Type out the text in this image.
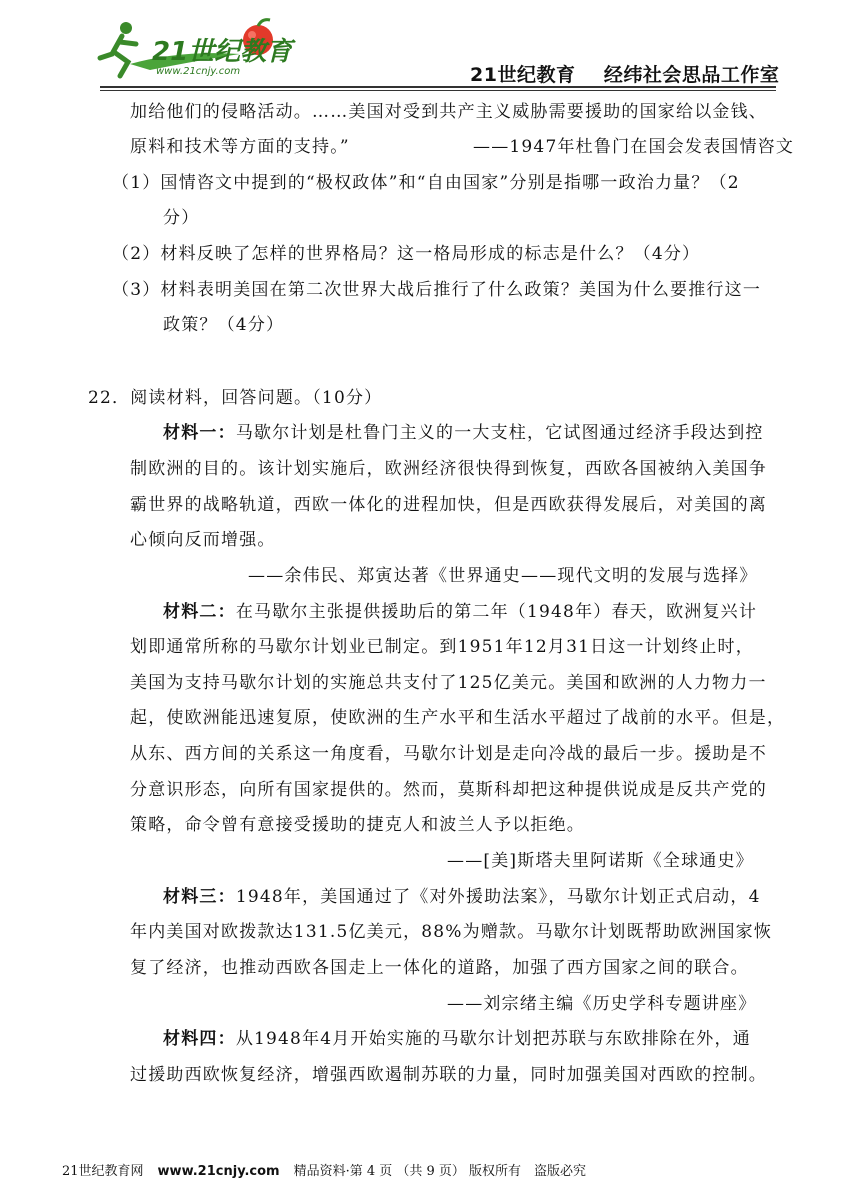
21世纪教育
www.21cnjy.com	21世纪教育    经纬社会思品工作室
加给他们的侵略活动。……美国对受到共产主义威胁需要援助的国家给以金钱、
原料和技术等方面的支持。”	——1947年杜鲁门在国会发表国情咨文
（1）国情咨文中提到的“极权政体”和“自由国家”分别是指哪一政治力量？（2
分）
（2）材料反映了怎样的世界格局？这一格局形成的标志是什么？（4分）
（3）材料表明美国在第二次世界大战后推行了什么政策？美国为什么要推行这一
政策？（4分）
22．阅读材料，回答问题。（10分）
材料一：马歇尔计划是杜鲁门主义的一大支柱，它试图通过经济手段达到控
制欧洲的目的。该计划实施后，欧洲经济很快得到恢复，西欧各国被纳入美国争
霸世界的战略轨道，西欧一体化的进程加快，但是西欧获得发展后，对美国的离
心倾向反而增强。
——余伟民、郑寅达著《世界通史——现代文明的发展与选择》
材料二：在马歇尔主张提供援助后的第二年（1948年）春天，欧洲复兴计
划即通常所称的马歇尔计划业已制定。到1951年12月31日这一计划终止时，
美国为支持马歇尔计划的实施总共支付了125亿美元。美国和欧洲的人力物力一
起，使欧洲能迅速复原，使欧洲的生产水平和生活水平超过了战前的水平。但是，
从东、西方间的关系这一角度看，马歇尔计划是走向冷战的最后一步。援助是不
分意识形态，向所有国家提供的。然而，莫斯科却把这种提供说成是反共产党的
策略，命令曾有意接受援助的捷克人和波兰人予以拒绝。
——[美]斯塔夫里阿诺斯《全球通史》
材料三：1948年，美国通过了《对外援助法案》，马歇尔计划正式启动，4
年内美国对欧拨款达131.5亿美元，88%为赠款。马歇尔计划既帮助欧洲国家恢
复了经济，也推动西欧各国走上一体化的道路，加强了西方国家之间的联合。
——刘宗绪主编《历史学科专题讲座》
材料四：从1948年4月开始实施的马歇尔计划把苏联与东欧排除在外，通
过援助西欧恢复经济，增强西欧遏制苏联的力量，同时加强美国对西欧的控制。
21世纪教育网 www.21cnjy.com 精品资料·第 4 页 （共 9 页） 版权所有　盗版必究
